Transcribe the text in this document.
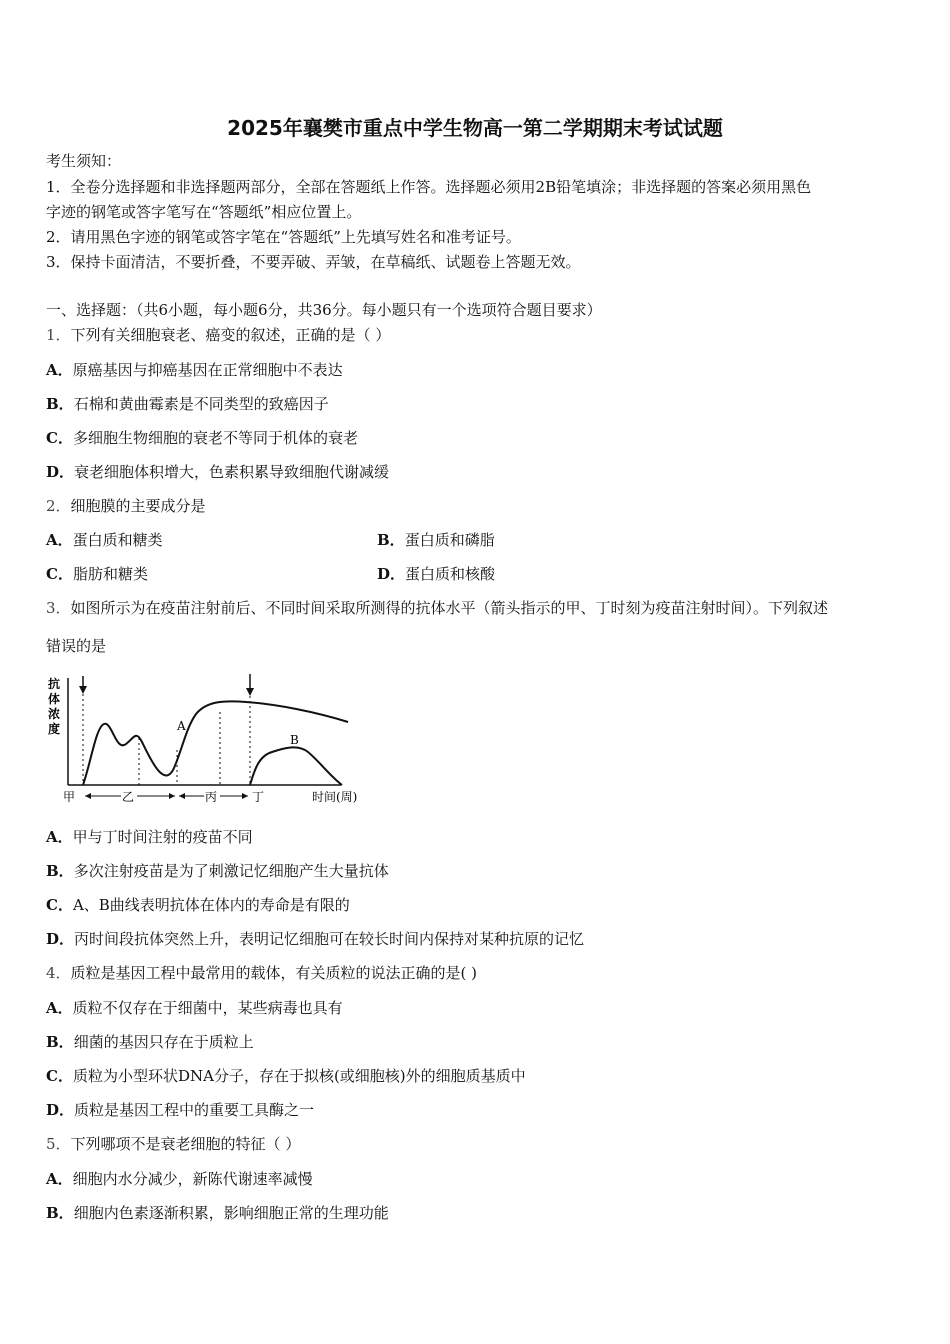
2025年襄樊市重点中学生物高一第二学期期末考试试题
考生须知：
1．全卷分选择题和非选择题两部分，全部在答题纸上作答。选择题必须用2B铅笔填涂；非选择题的答案必须用黑色
字迹的钢笔或答字笔写在“答题纸”相应位置上。
2．请用黑色字迹的钢笔或答字笔在“答题纸”上先填写姓名和准考证号。
3．保持卡面清洁，不要折叠，不要弄破、弄皱，在草稿纸、试题卷上答题无效。
一、选择题：（共6小题，每小题6分，共36分。每小题只有一个选项符合题目要求）
1．下列有关细胞衰老、癌变的叙述，正确的是（ ）
A．原癌基因与抑癌基因在正常细胞中不表达
B．石棉和黄曲霉素是不同类型的致癌因子
C．多细胞生物细胞的衰老不等同于机体的衰老
D．衰老细胞体积增大，色素积累导致细胞代谢减缓
2．细胞膜的主要成分是
A．蛋白质和糖类	B．蛋白质和磷脂
C．脂肪和糖类	D．蛋白质和核酸
3．如图所示为在疫苗注射前后、不同时间采取所测得的抗体水平（箭头指示的甲、丁时刻为疫苗注射时间）。下列叙述
错误的是
抗
体
浓
度	A
B
甲	乙	丙	丁	时间(周)
A．甲与丁时间注射的疫苗不同
B．多次注射疫苗是为了刺激记忆细胞产生大量抗体
C．A、B曲线表明抗体在体内的寿命是有限的
D．丙时间段抗体突然上升，表明记忆细胞可在较长时间内保持对某种抗原的记忆
4．质粒是基因工程中最常用的载体，有关质粒的说法正确的是( )
A．质粒不仅存在于细菌中，某些病毒也具有
B．细菌的基因只存在于质粒上
C．质粒为小型环状DNA分子，存在于拟核(或细胞核)外的细胞质基质中
D．质粒是基因工程中的重要工具酶之一
5．下列哪项不是衰老细胞的特征（ ）
A．细胞内水分减少，新陈代谢速率减慢
B．细胞内色素逐渐积累，影响细胞正常的生理功能
